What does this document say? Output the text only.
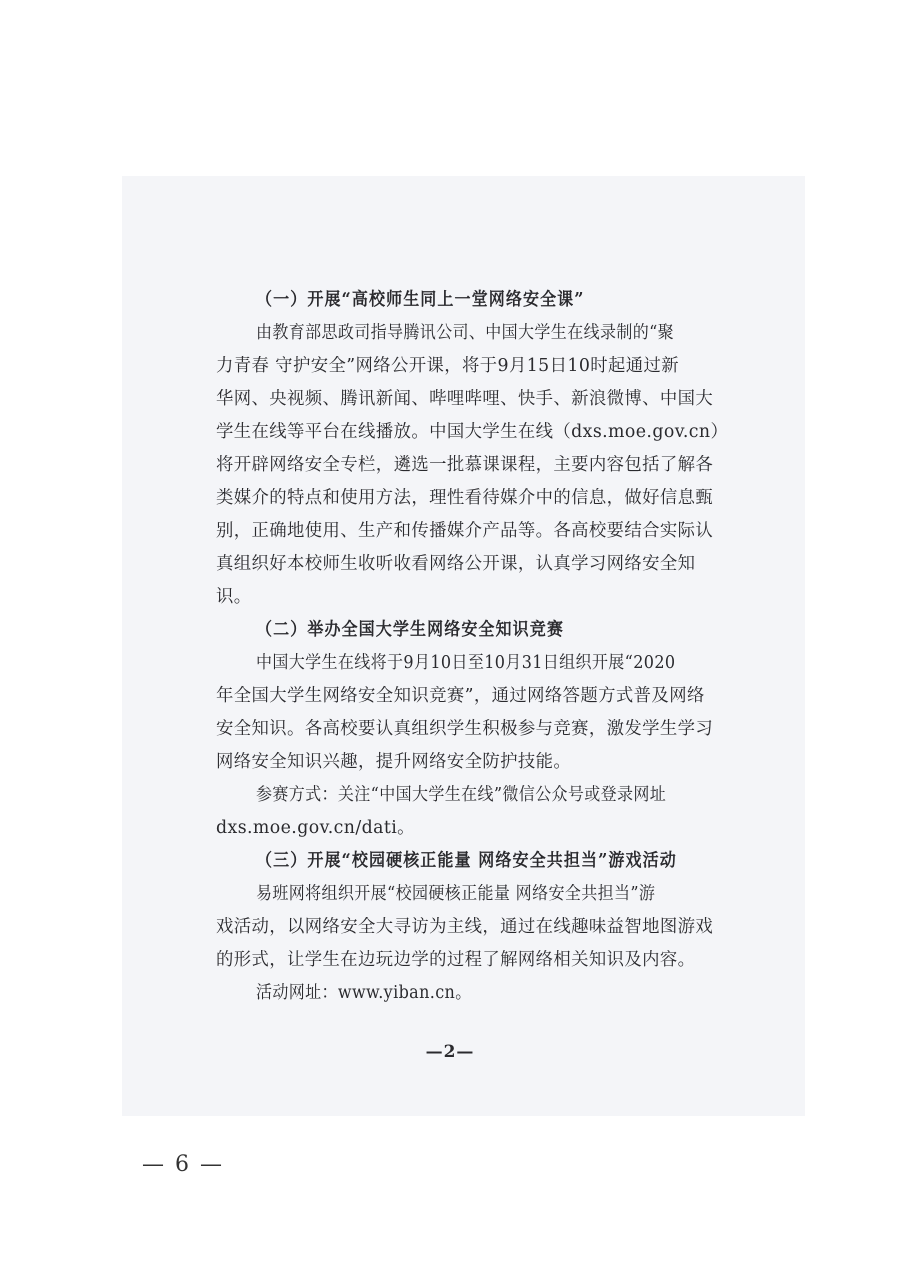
（一）开展“高校师生同上一堂网络安全课”
由教育部思政司指导腾讯公司、中国大学生在线录制的“聚
力青春 守护安全”网络公开课，将于9月15日10时起通过新
华网、央视频、腾讯新闻、哔哩哔哩、快手、新浪微博、中国大
学生在线等平台在线播放。中国大学生在线（dxs.moe.gov.cn）
将开辟网络安全专栏，遴选一批慕课课程，主要内容包括了解各
类媒介的特点和使用方法，理性看待媒介中的信息，做好信息甄
别，正确地使用、生产和传播媒介产品等。各高校要结合实际认
真组织好本校师生收听收看网络公开课，认真学习网络安全知
识。
（二）举办全国大学生网络安全知识竞赛
中国大学生在线将于9月10日至10月31日组织开展“2020
年全国大学生网络安全知识竞赛”，通过网络答题方式普及网络
安全知识。各高校要认真组织学生积极参与竞赛，激发学生学习
网络安全知识兴趣，提升网络安全防护技能。
参赛方式：关注“中国大学生在线”微信公众号或登录网址
dxs.moe.gov.cn/dati。
（三）开展“校园硬核正能量 网络安全共担当”游戏活动
易班网将组织开展“校园硬核正能量 网络安全共担当”游
戏活动，以网络安全大寻访为主线，通过在线趣味益智地图游戏
的形式，让学生在边玩边学的过程了解网络相关知识及内容。
活动网址：www.yiban.cn。
—2—
— 6 —
